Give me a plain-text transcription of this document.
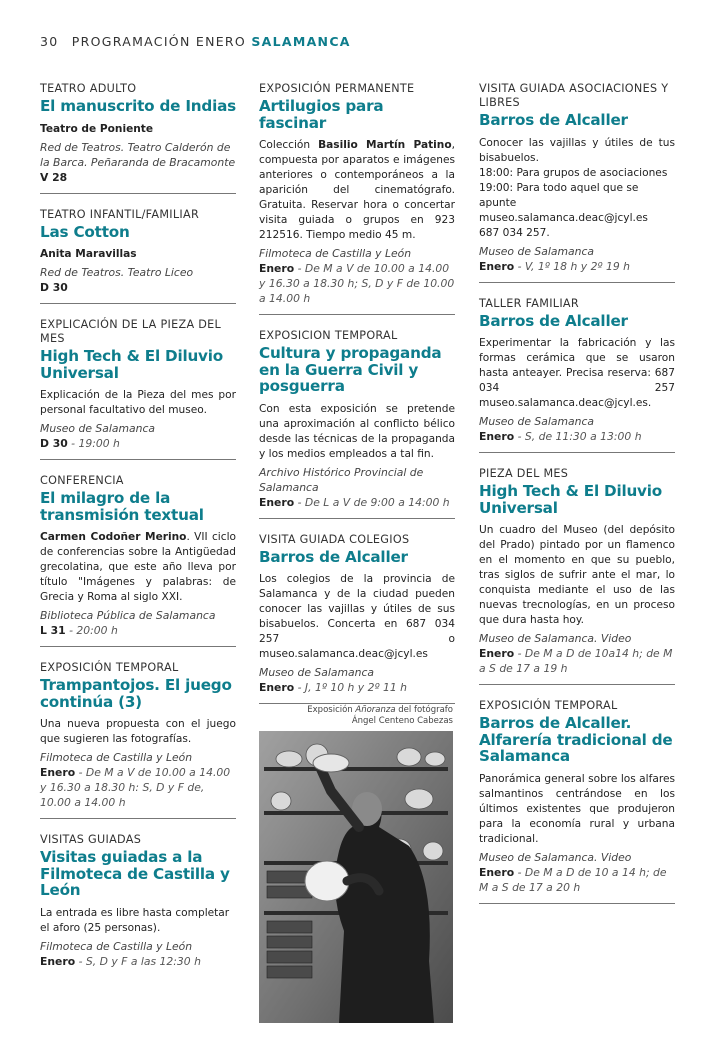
30 PROGRAMACIÓN ENERO SALAMANCA
TEATRO ADULTO
El manuscrito de Indias
Teatro de Poniente
Red de Teatros. Teatro Calderón de la Barca. Peñaranda de Bracamonte
V 28
TEATRO INFANTIL/FAMILIAR
Las Cotton
Anita Maravillas
Red de Teatros. Teatro Liceo
D 30
EXPLICACIÓN DE LA PIEZA DEL MES
High Tech & El Diluvio Universal
Explicación de la Pieza del mes por personal facultativo del museo.
Museo de Salamanca
D 30 - 19:00 h
CONFERENCIA
El milagro de la transmisión textual
Carmen Codoñer Merino. VII ciclo de conferencias sobre la Antigüedad grecolatina, que este año lleva por título "Imágenes y palabras: de Grecia y Roma al siglo XXI.
Biblioteca Pública de Salamanca
L 31 - 20:00 h
EXPOSICIÓN TEMPORAL
Trampantojos. El juego continúa (3)
Una nueva propuesta con el juego que sugieren las fotografías.
Filmoteca de Castilla y León
Enero - De M a V de 10.00 a 14.00 y 16.30 a 18.30 h: S, D y F de, 10.00 a 14.00 h
VISITAS GUIADAS
Visitas guiadas a la Filmoteca de Castilla y León
La entrada es libre hasta completar el aforo (25 personas).
Filmoteca de Castilla y León
Enero - S, D y F a las 12:30 h
EXPOSICIÓN PERMANENTE
Artilugios para fascinar
Colección Basilio Martín Patino, compuesta por aparatos e imágenes anteriores o contemporáneos a la aparición del cinematógrafo. Gratuita. Reservar hora o concertar visita guiada o grupos en 923 212516. Tiempo medio 45 m.
Filmoteca de Castilla y León
Enero - De M a V de 10.00 a 14.00 y 16.30 a 18.30 h; S, D y F de 10.00 a 14.00 h
EXPOSICION TEMPORAL
Cultura y propaganda en la Guerra Civil y posguerra
Con esta exposición se pretende una aproximación al conflicto bélico desde las técnicas de la propaganda y los medios empleados a tal fin.
Archivo Histórico Provincial de Salamanca
Enero - De L a V de 9:00 a 14:00 h
VISITA GUIADA COLEGIOS
Barros de Alcaller
Los colegios de la provincia de Salamanca y de la ciudad pueden conocer las vajillas y útiles de sus bisabuelos. Concerta en 687 034 257 o museo.salamanca.deac@jcyl.es
Museo de Salamanca
Enero - J, 1º 10 h y 2º 11 h
Exposición Añoranza del fotógrafo
Ángel Centeno Cabezas
VISITA GUIADA ASOCIACIONES Y LIBRES
Barros de Alcaller
Conocer las vajillas y útiles de tus bisabuelos.
18:00: Para grupos de asociaciones
19:00: Para todo aquel que se apunte
museo.salamanca.deac@jcyl.es
687 034 257.
Museo de Salamanca
Enero - V, 1º 18 h y 2º 19 h
TALLER FAMILIAR
Barros de Alcaller
Experimentar la fabricación y las formas cerámica que se usaron hasta anteayer. Precisa reserva: 687 034 257 museo.salamanca.deac@jcyl.es.
Museo de Salamanca
Enero - S, de 11:30 a 13:00 h
PIEZA DEL MES
High Tech & El Diluvio Universal
Un cuadro del Museo (del depósito del Prado) pintado por un flamenco en el momento en que su pueblo, tras siglos de sufrir ante el mar, lo conquista mediante el uso de las nuevas trecnologías, en un proceso que dura hasta hoy.
Museo de Salamanca. Video
Enero - De M a D de 10a14 h; de M a S de 17 a 19 h
EXPOSICIÓN TEMPORAL
Barros de Alcaller. Alfarería tradicional de Salamanca
Panorámica general sobre los alfares salmantinos centrándose en los últimos existentes que produjeron para la economía rural y urbana tradicional.
Museo de Salamanca. Video
Enero - De M a D de 10 a 14 h; de M a S de 17 a 20 h
